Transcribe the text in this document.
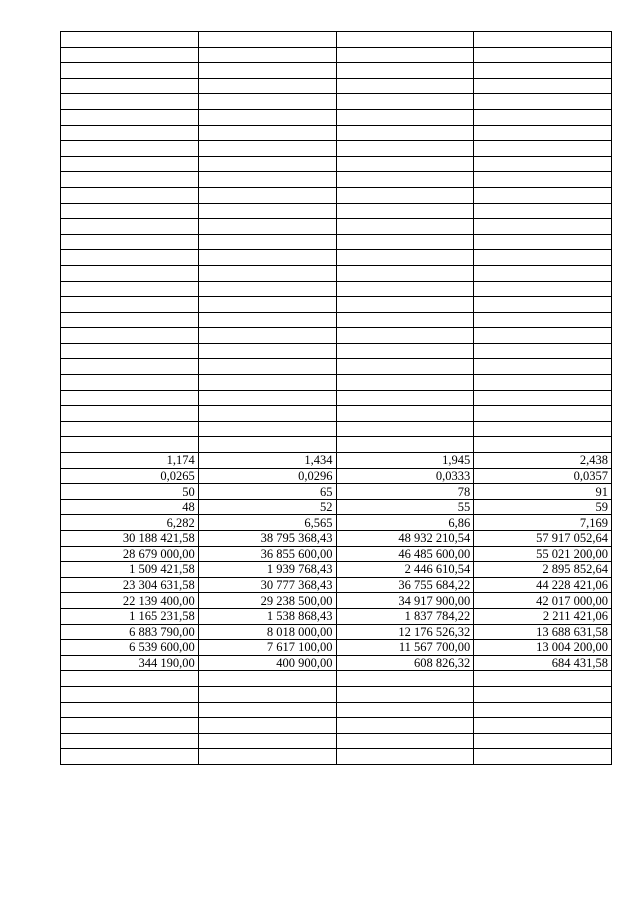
1,174	1,434	1,945	2,438
0,0265	0,0296	0,0333	0,0357
50	65	78	91
48	52	55	59
6,282	6,565	6,86	7,169
30 188 421,58	38 795 368,43	48 932 210,54	57 917 052,64
28 679 000,00	36 855 600,00	46 485 600,00	55 021 200,00
1 509 421,58	1 939 768,43	2 446 610,54	2 895 852,64
23 304 631,58	30 777 368,43	36 755 684,22	44 228 421,06
22 139 400,00	29 238 500,00	34 917 900,00	42 017 000,00
1 165 231,58	1 538 868,43	1 837 784,22	2 211 421,06
6 883 790,00	8 018 000,00	12 176 526,32	13 688 631,58
6 539 600,00	7 617 100,00	11 567 700,00	13 004 200,00
344 190,00	400 900,00	608 826,32	684 431,58
